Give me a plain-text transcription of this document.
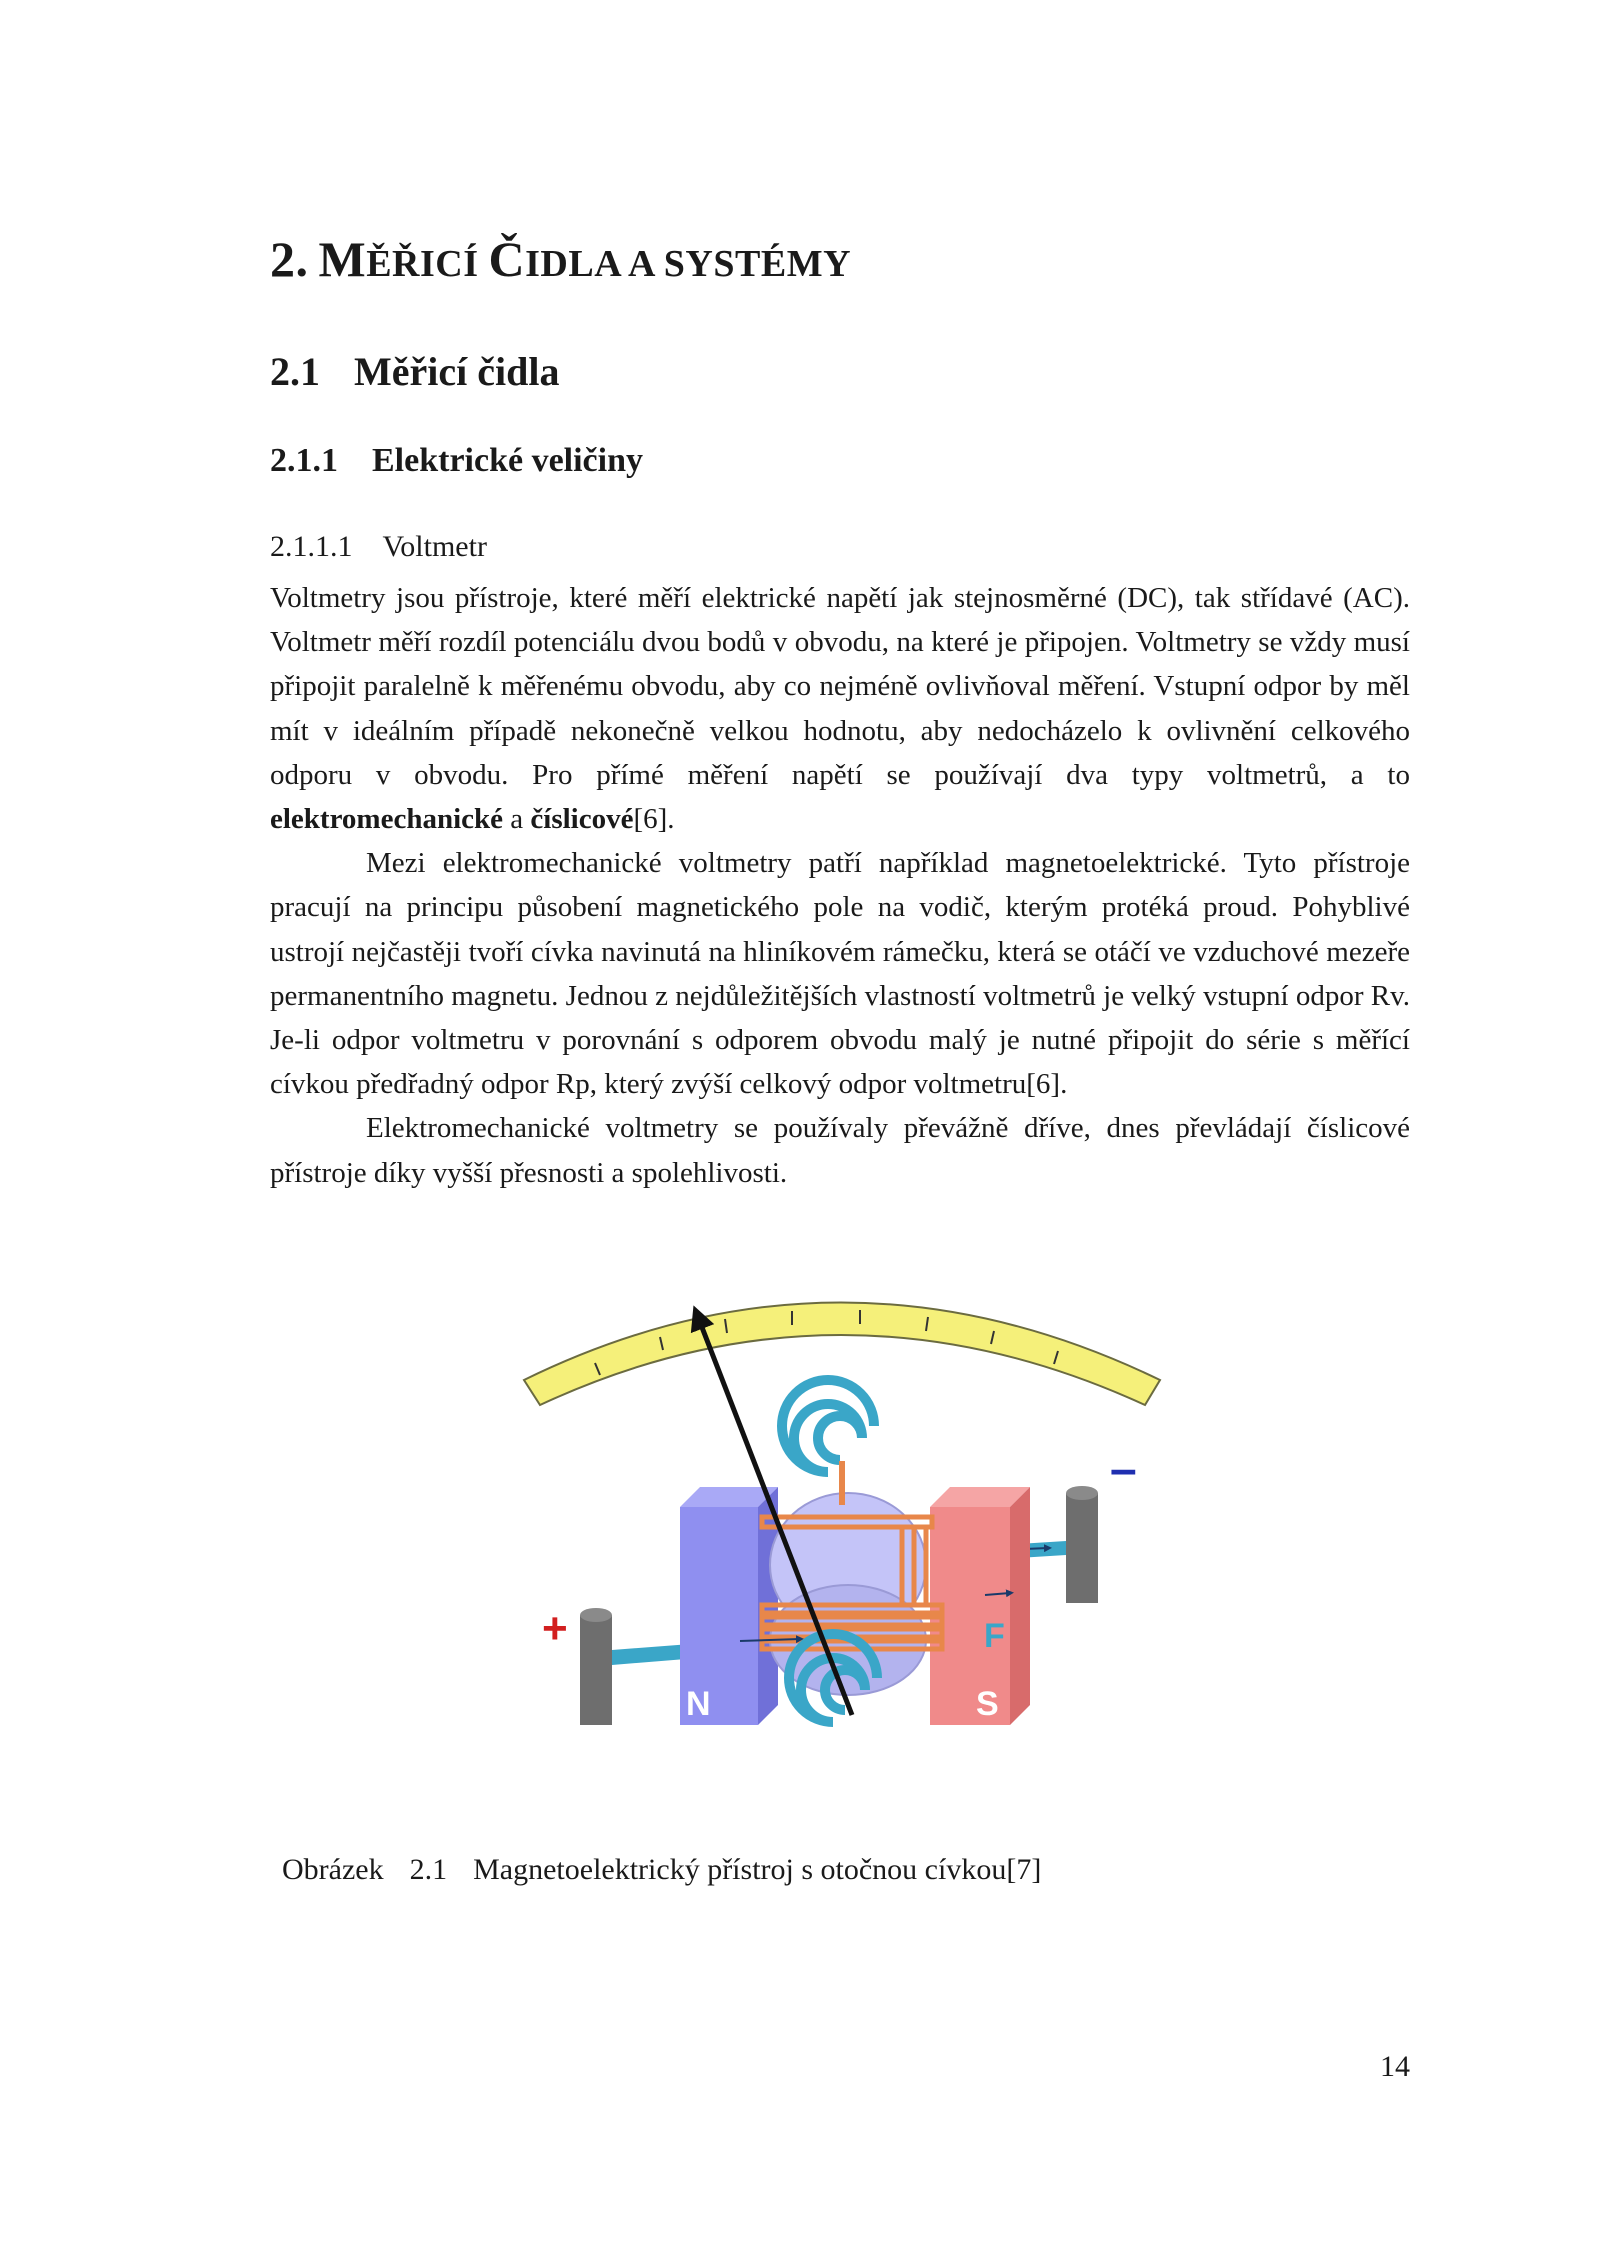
2. MĚŘICÍ ČIDLA A SYSTÉMY
2.1 Měřicí čidla
2.1.1 Elektrické veličiny
2.1.1.1 Voltmetr

Voltmetry jsou přístroje, které měří elektrické napětí jak stejnosměrné (DC), tak střídavé (AC). Voltmetr měří rozdíl potenciálu dvou bodů v obvodu, na které je připojen. Voltmetry se vždy musí připojit paralelně k měřenému obvodu, aby co nejméně ovlivňoval měření. Vstupní odpor by měl mít v ideálním případě nekonečně velkou hodnotu, aby nedocházelo k ovlivnění celkového odporu v obvodu. Pro přímé měření napětí se používají dva typy voltmetrů, a to elektromechanické a číslicové[6].

Mezi elektromechanické voltmetry patří například magnetoelektrické. Tyto přístroje pracují na principu působení magnetického pole na vodič, kterým protéká proud. Pohyblivé ustrojí nejčastěji tvoří cívka navinutá na hliníkovém rámečku, která se otáčí ve vzduchové mezeře permanentního magnetu. Jednou z nejdůležitějších vlastností voltmetrů je velký vstupní odpor Rv. Je-li odpor voltmetru v porovnání s odporem obvodu malý je nutné připojit do série s měřící cívkou předřadný odpor Rp, který zvýší celkový odpor voltmetru[6].

Elektromechanické voltmetry se používaly převážně dříve, dnes převládají číslicové přístroje díky vyšší přesnosti a spolehlivosti.

+
–
N	S
F

Obrázek 2.1 Magnetoelektrický přístroj s otočnou cívkou[7]

14
